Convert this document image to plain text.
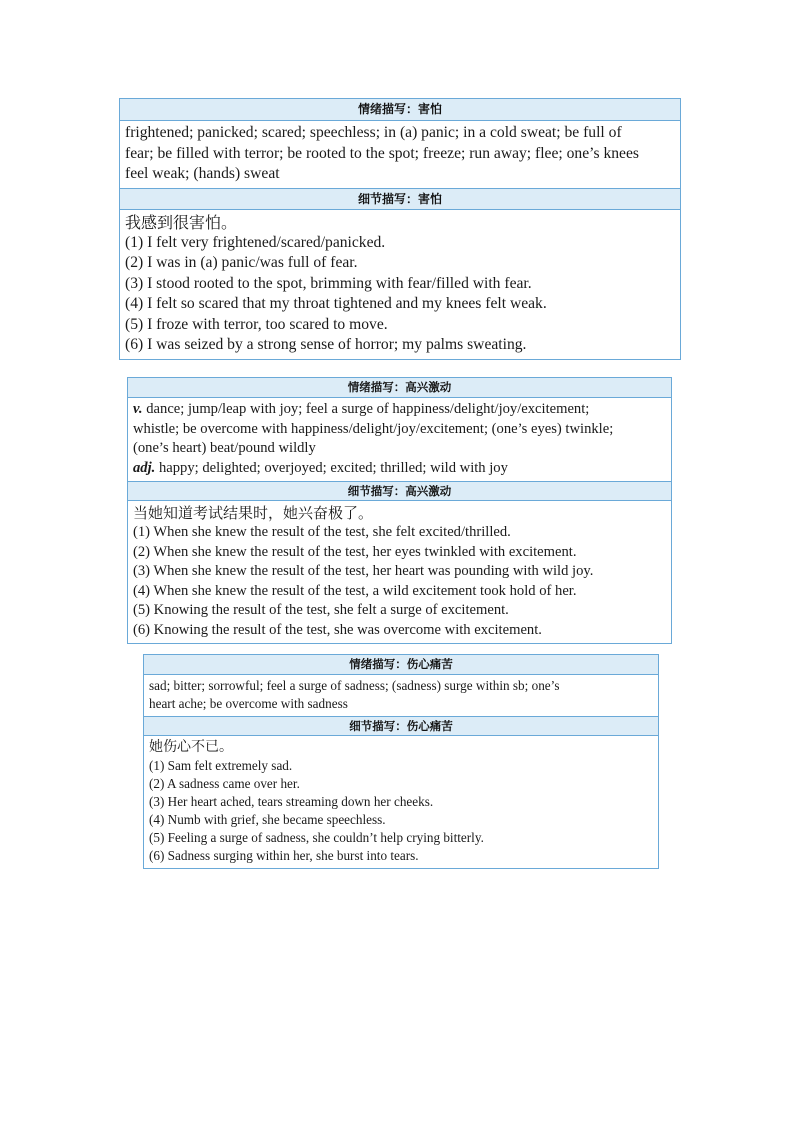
情绪描写：害怕
frightened; panicked; scared; speechless; in (a) panic; in a cold sweat; be full of
fear; be filled with terror; be rooted to the spot; freeze; run away; flee; one’s knees
feel weak; (hands) sweat
细节描写：害怕
我感到很害怕。
(1) I felt very frightened/scared/panicked.
(2) I was in (a) panic/was full of fear.
(3) I stood rooted to the spot, brimming with fear/filled with fear.
(4) I felt so scared that my throat tightened and my knees felt weak.
(5) I froze with terror, too scared to move.
(6) I was seized by a strong sense of horror; my palms sweating.
情绪描写：高兴激动
v. dance; jump/leap with joy; feel a surge of happiness/delight/joy/excitement;
whistle; be overcome with happiness/delight/joy/excitement; (one’s eyes) twinkle;
(one’s heart) beat/pound wildly
adj. happy; delighted; overjoyed; excited; thrilled; wild with joy
细节描写：高兴激动
当她知道考试结果时，她兴奋极了。
(1) When she knew the result of the test, she felt excited/thrilled.
(2) When she knew the result of the test, her eyes twinkled with excitement.
(3) When she knew the result of the test, her heart was pounding with wild joy.
(4) When she knew the result of the test, a wild excitement took hold of her.
(5) Knowing the result of the test, she felt a surge of excitement.
(6) Knowing the result of the test, she was overcome with excitement.
情绪描写：伤心痛苦
sad; bitter; sorrowful; feel a surge of sadness; (sadness) surge within sb; one’s
heart ache; be overcome with sadness
细节描写：伤心痛苦
她伤心不已。
(1) Sam felt extremely sad.
(2) A sadness came over her.
(3) Her heart ached, tears streaming down her cheeks.
(4) Numb with grief, she became speechless.
(5) Feeling a surge of sadness, she couldn’t help crying bitterly.
(6) Sadness surging within her, she burst into tears.
